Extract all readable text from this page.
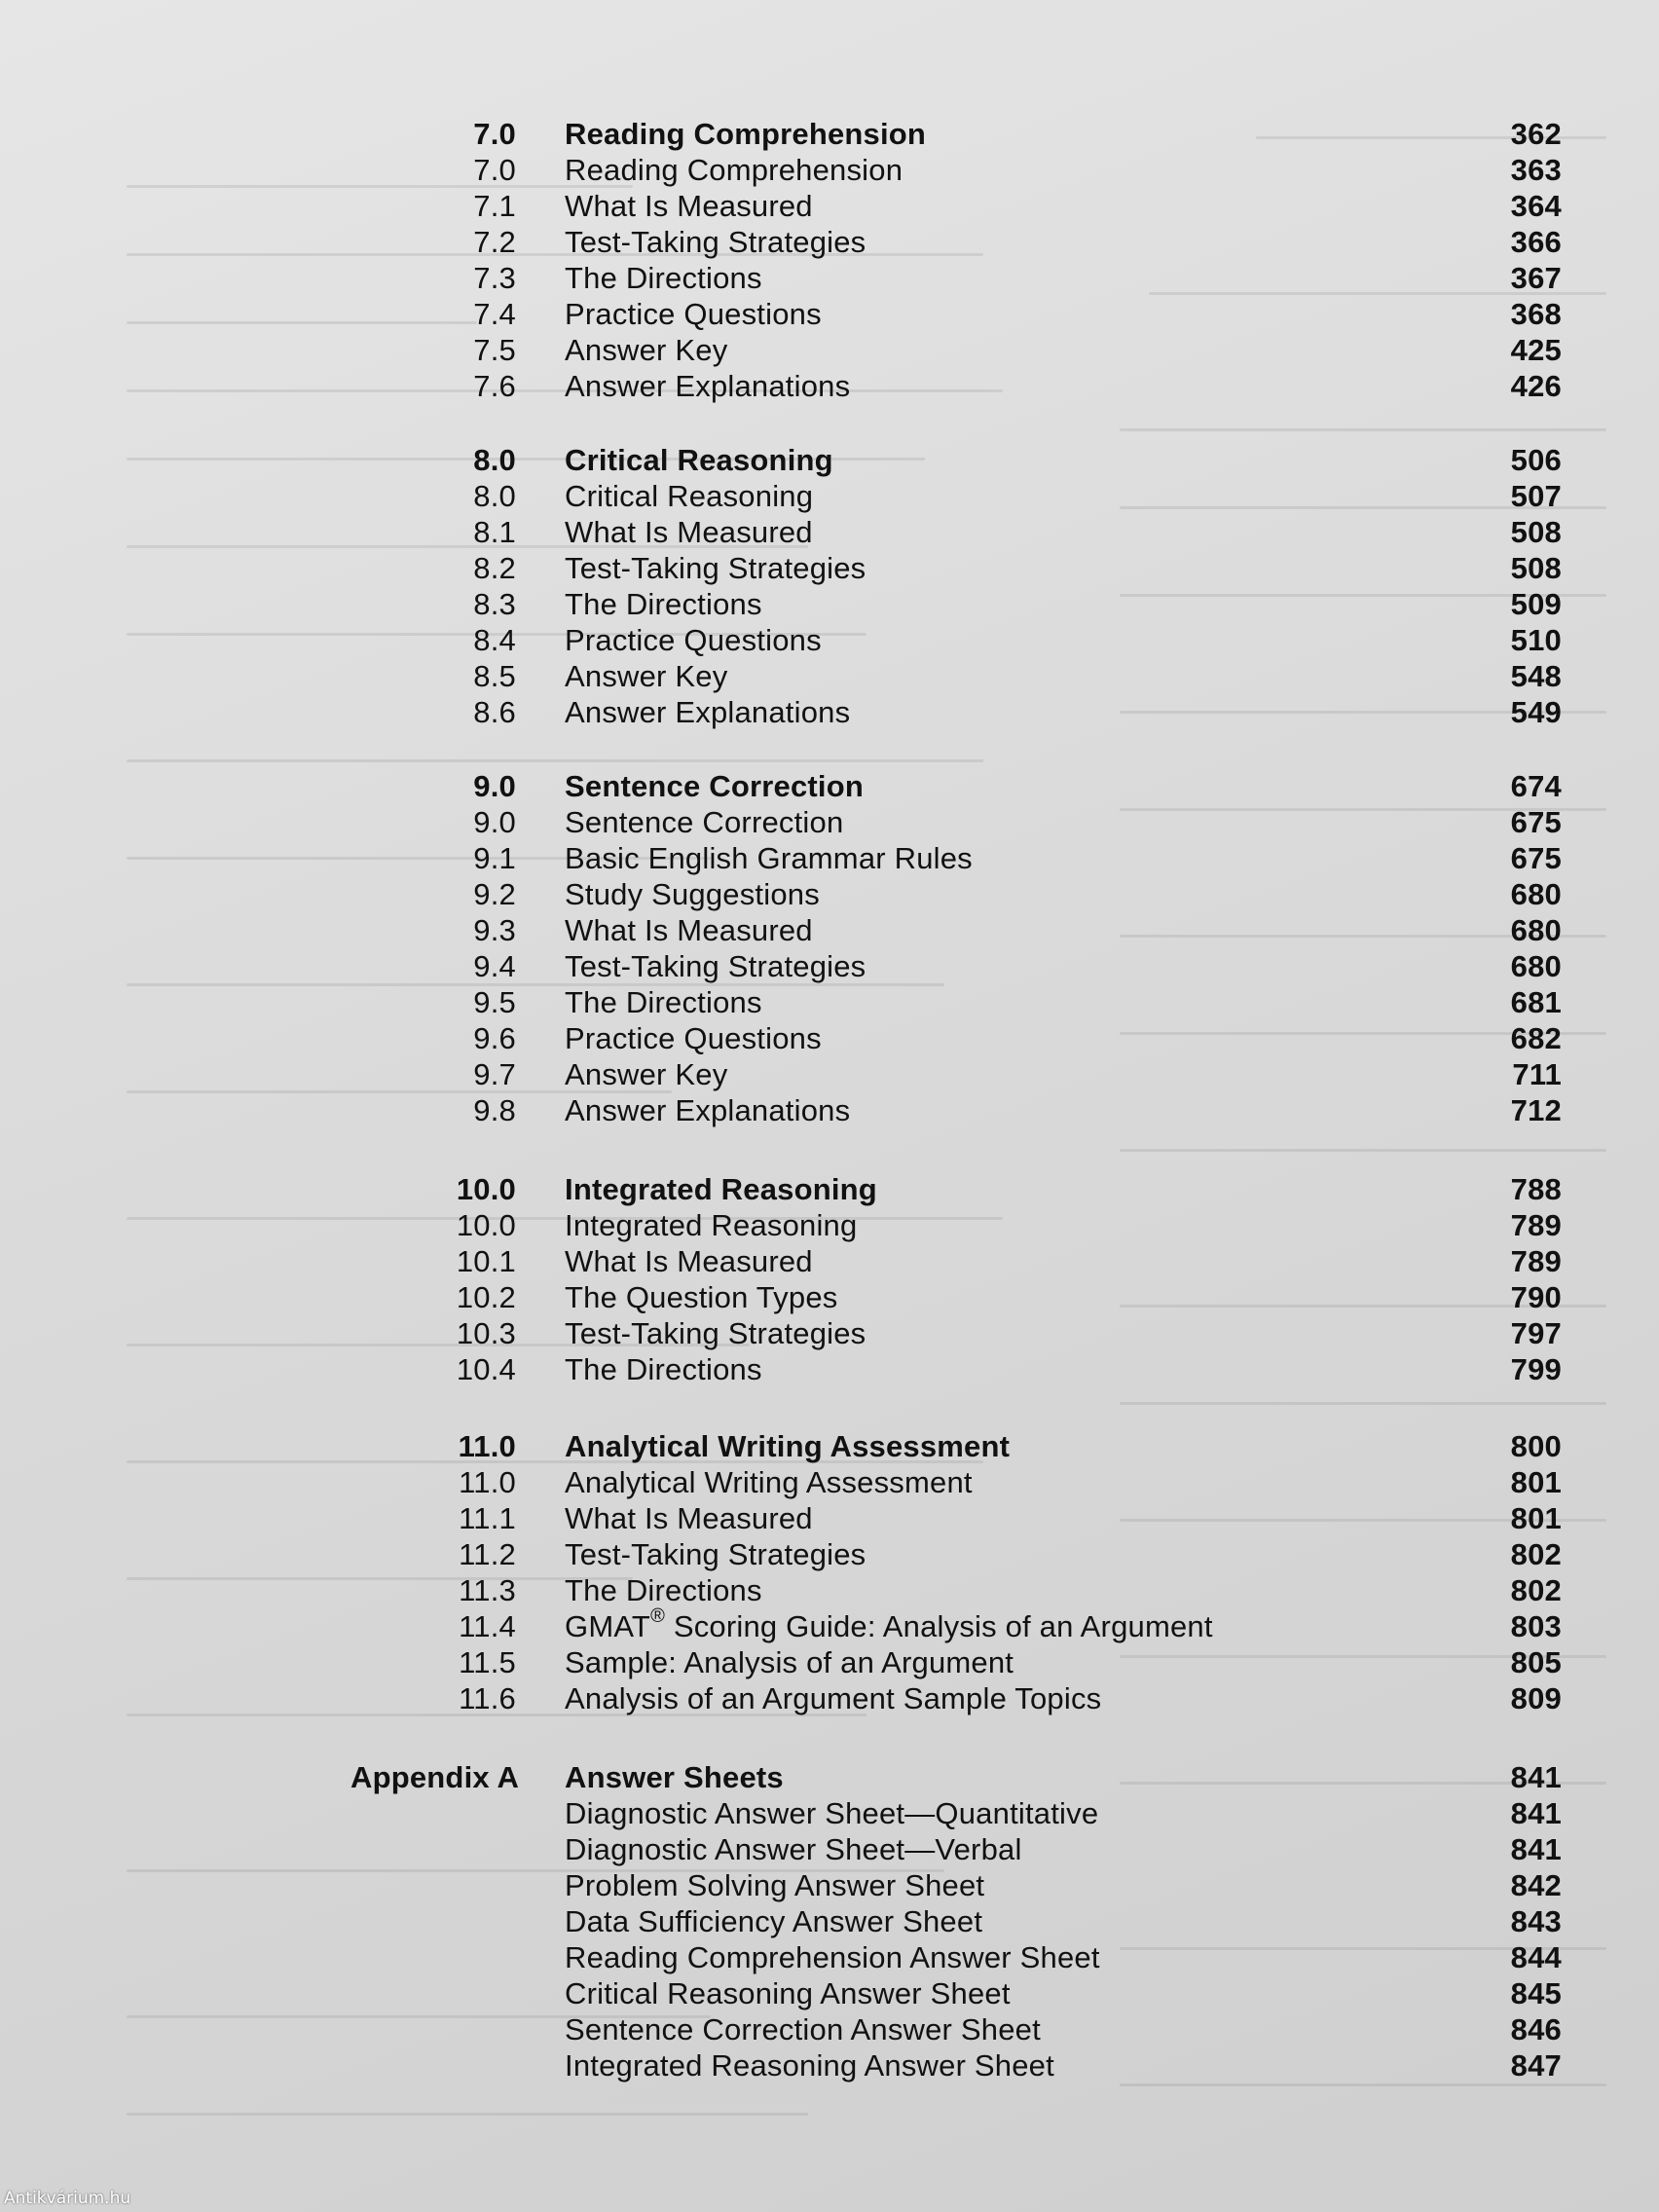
7.0 Reading Comprehension	362
7.0 Reading Comprehension	363
7.1 What Is Measured	364
7.2 Test-Taking Strategies	366
7.3 The Directions	367
7.4 Practice Questions	368
7.5 Answer Key	425
7.6 Answer Explanations	426
8.0 Critical Reasoning	506
8.0 Critical Reasoning	507
8.1 What Is Measured	508
8.2 Test-Taking Strategies	508
8.3 The Directions	509
8.4 Practice Questions	510
8.5 Answer Key	548
8.6 Answer Explanations	549
9.0 Sentence Correction	674
9.0 Sentence Correction	675
9.1 Basic English Grammar Rules	675
9.2 Study Suggestions	680
9.3 What Is Measured	680
9.4 Test-Taking Strategies	680
9.5 The Directions	681
9.6 Practice Questions	682
9.7 Answer Key	711
9.8 Answer Explanations	712
10.0 Integrated Reasoning	788
10.0 Integrated Reasoning	789
10.1 What Is Measured	789
10.2 The Question Types	790
10.3 Test-Taking Strategies	797
10.4 The Directions	799
11.0 Analytical Writing Assessment	800
11.0 Analytical Writing Assessment	801
11.1 What Is Measured	801
11.2 Test-Taking Strategies	802
11.3 The Directions	802
11.4 GMAT® Scoring Guide: Analysis of an Argument	803
11.5 Sample: Analysis of an Argument	805
11.6 Analysis of an Argument Sample Topics	809
Appendix A Answer Sheets	841
Diagnostic Answer Sheet—Quantitative	841
Diagnostic Answer Sheet—Verbal	841
Problem Solving Answer Sheet	842
Data Sufficiency Answer Sheet	843
Reading Comprehension Answer Sheet	844
Critical Reasoning Answer Sheet	845
Sentence Correction Answer Sheet	846
Integrated Reasoning Answer Sheet	847
Antikvárium.hu
